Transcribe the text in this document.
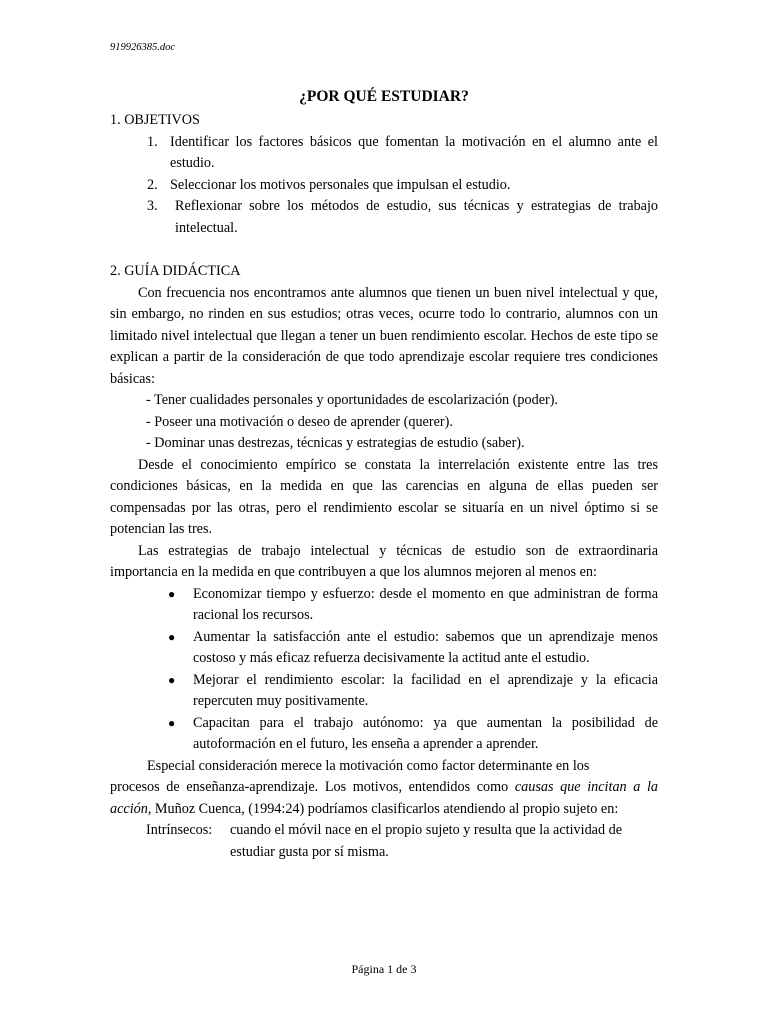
919926385.doc
¿POR QUÉ ESTUDIAR?
1. OBJETIVOS
1. Identificar los factores básicos que fomentan la motivación en el alumno ante el estudio.
2. Seleccionar los motivos personales que impulsan el estudio.
3.	Reflexionar sobre los métodos de estudio, sus técnicas y estrategias de trabajo intelectual.
2. GUÍA DIDÁCTICA

Con frecuencia nos encontramos ante alumnos que tienen un buen nivel intelectual y que, sin embargo, no rinden en sus estudios; otras veces, ocurre todo lo contrario, alumnos con un limitado nivel intelectual que llegan a tener un buen rendimiento escolar. Hechos de este tipo se explican a partir de la consideración de que todo aprendizaje escolar requiere tres condiciones básicas:

- Tener cualidades personales y oportunidades de escolarización (poder).
- Poseer una motivación o deseo de aprender (querer).
- Dominar unas destrezas, técnicas y estrategias de estudio (saber).

Desde el conocimiento empírico se constata la interrelación existente entre las tres condiciones básicas, en la medida en que las carencias en alguna de ellas pueden ser compensadas por las otras, pero el rendimiento escolar se situaría en un nivel óptimo si se potencian las tres.

Las estrategias de trabajo intelectual y técnicas de estudio son de extraordinaria importancia en la medida en que contribuyen a que los alumnos mejoren al menos en:

●	Economizar tiempo y esfuerzo: desde el momento en que administran de forma racional los recursos.
●	Aumentar la satisfacción ante el estudio: sabemos que un aprendizaje menos costoso y más eficaz refuerza decisivamente la actitud ante el estudio.
●	Mejorar el rendimiento escolar: la facilidad en el aprendizaje y la eficacia repercuten muy positivamente.
●	Capacitan para el trabajo autónomo: ya que aumentan la posibilidad de autoformación en el futuro, les enseña a aprender a aprender.

Especial consideración merece la motivación como factor determinante en los

procesos de enseñanza-aprendizaje. Los motivos, entendidos como causas que incitan a la acción, Muñoz Cuenca, (1994:24) podríamos clasificarlos atendiendo al propio sujeto en:

Intrínsecos:	cuando el móvil nace en el propio sujeto y resulta que la actividad de
estudiar gusta por sí misma.
Página 1 de 3
